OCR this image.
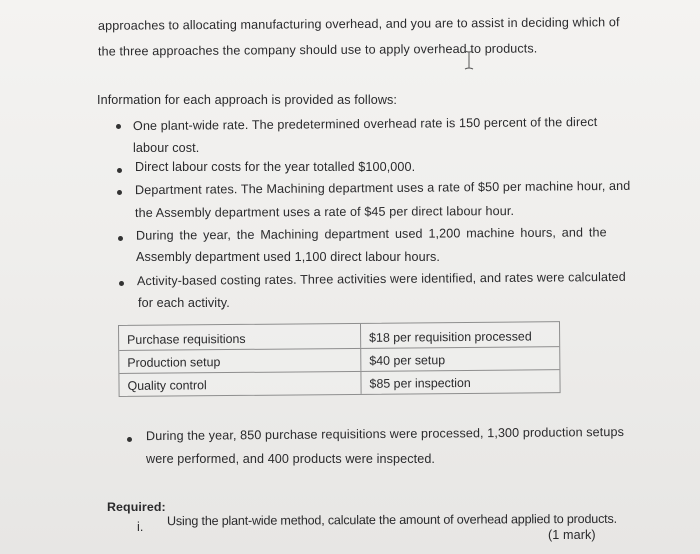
approaches to allocating manufacturing overhead, and you are to assist in deciding which of
the three approaches the company should use to apply overhead to products.
Information for each approach is provided as follows:
One plant-wide rate. The predetermined overhead rate is 150 percent of the direct
labour cost.
Direct labour costs for the year totalled $100,000.
Department rates. The Machining department uses a rate of $50 per machine hour, and
the Assembly department uses a rate of $45 per direct labour hour.
During the year, the Machining department used 1,200 machine hours, and the
Assembly department used 1,100 direct labour hours.
Activity-based costing rates. Three activities were identified, and rates were calculated
for each activity.
Purchase requisitions	$18 per requisition processed
Production setup	$40 per setup
Quality control	$85 per inspection
During the year, 850 purchase requisitions were processed, 1,300 production setups
were performed, and 400 products were inspected.
Required:
i. Using the plant-wide method, calculate the amount of overhead applied to products.
(1 mark)
